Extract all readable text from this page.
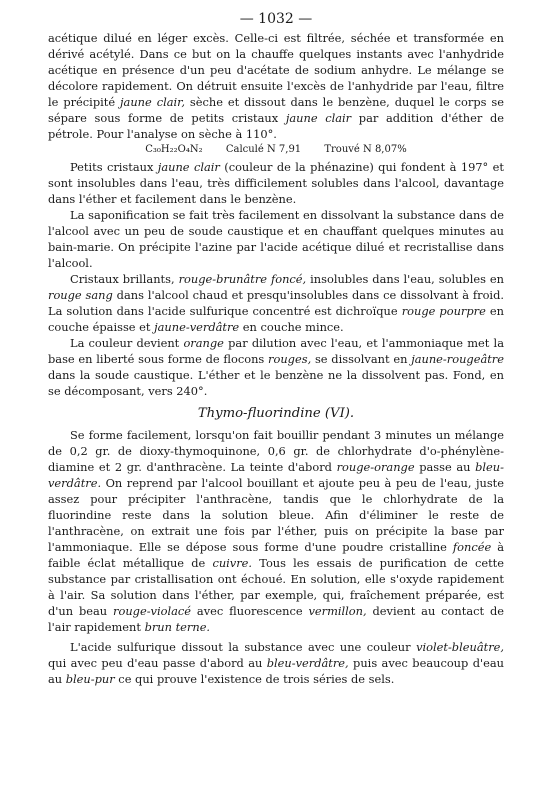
— 1032 —

acétique dilué en léger excès. Celle-ci est filtrée, séchée et transformée en dérivé acétylé. Dans ce but on la chauffe quelques instants avec l'anhydride acétique en présence d'un peu d'acétate de sodium anhydre. Le mélange se décolore rapidement. On détruit ensuite l'excès de l'anhydride par l'eau, filtre le précipité jaune clair, sèche et dissout dans le benzène, duquel le corps se sépare sous forme de petits cristaux jaune clair par addition d'éther de pétrole. Pour l'analyse on sèche à 110°.

C₃₀H₂₂O₄N₂ Calculé N 7,91 Trouvé N 8,07%

Petits cristaux jaune clair (couleur de la phénazine) qui fondent à 197° et sont insolubles dans l'eau, très difficilement solubles dans l'alcool, davantage dans l'éther et facilement dans le benzène.

La saponification se fait très facilement en dissolvant la substance dans de l'alcool avec un peu de soude caustique et en chauffant quelques minutes au bain-marie. On précipite l'azine par l'acide acétique dilué et recristallise dans l'alcool.

Cristaux brillants, rouge-brunâtre foncé, insolubles dans l'eau, solubles en rouge sang dans l'alcool chaud et presqu'insolubles dans ce dissolvant à froid. La solution dans l'acide sulfurique concentré est dichroïque rouge pourpre en couche épaisse et jaune-verdâtre en couche mince.

La couleur devient orange par dilution avec l'eau, et l'ammoniaque met la base en liberté sous forme de flocons rouges, se dissolvant en jaune-rougeâtre dans la soude caustique. L'éther et le benzène ne la dissolvent pas. Fond, en se décomposant, vers 240°.

Thymo-fluorindine (VI).

Se forme facilement, lorsqu'on fait bouillir pendant 3 minutes un mélange de 0,2 gr. de dioxy-thymoquinone, 0,6 gr. de chlorhydrate d'o-phénylène-diamine et 2 gr. d'anthracène. La teinte d'abord rouge-orange passe au bleu-verdâtre. On reprend par l'alcool bouillant et ajoute peu à peu de l'eau, juste assez pour précipiter l'anthracène, tandis que le chlorhydrate de la fluorindine reste dans la solution bleue. Afin d'éliminer le reste de l'anthracène, on extrait une fois par l'éther, puis on précipite la base par l'ammoniaque. Elle se dépose sous forme d'une poudre cristalline foncée à faible éclat métallique de cuivre. Tous les essais de purification de cette substance par cristallisation ont échoué. En solution, elle s'oxyde rapidement à l'air. Sa solution dans l'éther, par exemple, qui, fraîchement préparée, est d'un beau rouge-violacé avec fluorescence vermillon, devient au contact de l'air rapidement brun terne.

L'acide sulfurique dissout la substance avec une couleur violet-bleuâtre, qui avec peu d'eau passe d'abord au bleu-verdâtre, puis avec beaucoup d'eau au bleu-pur ce qui prouve l'existence de trois séries de sels.
